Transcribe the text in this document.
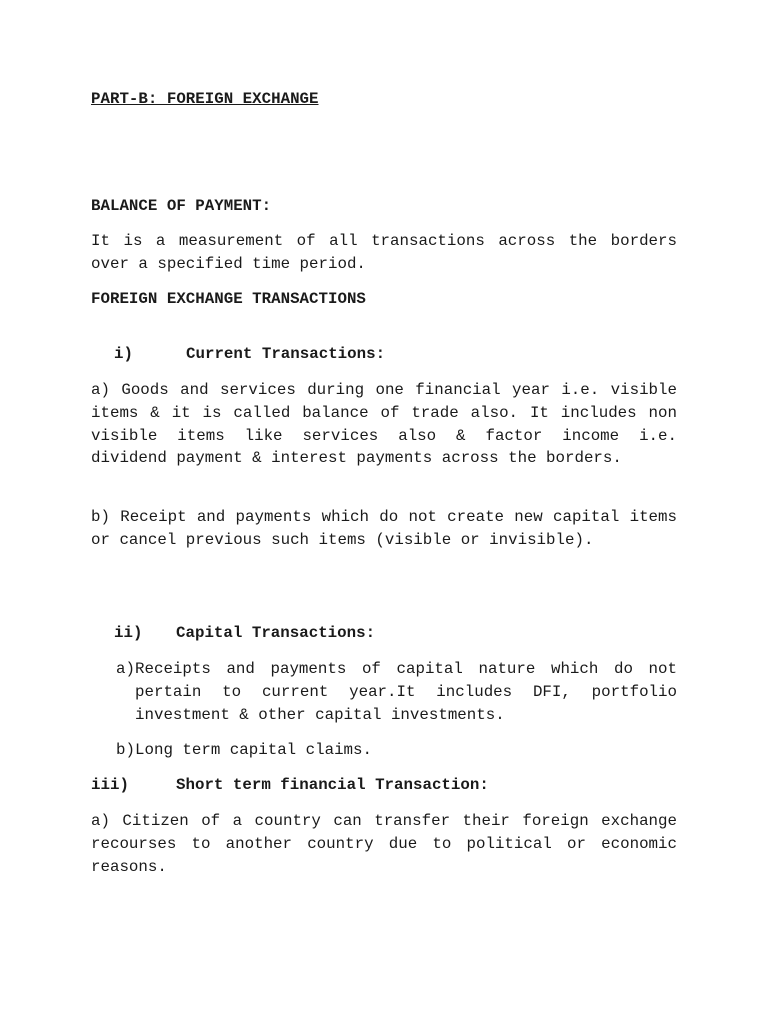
PART-B: FOREIGN EXCHANGE

BALANCE OF PAYMENT:

It is a measurement of all transactions across the borders over a specified time period.

FOREIGN EXCHANGE TRANSACTIONS

i)	Current Transactions:

a) Goods and services during one financial year i.e. visible items & it is called balance of trade also. It includes non visible items like services also & factor income i.e. dividend payment & interest payments across the borders.

b) Receipt and payments which do not create new capital items or cancel previous such items (visible or invisible).

ii) Capital Transactions:

a) Receipts and payments of capital nature which do not pertain to current year.It includes DFI, portfolio investment & other capital investments.
b) Long term capital claims.

iii)	Short term financial Transaction:

a) Citizen of a country can transfer their foreign exchange recourses to another country due to political or economic reasons.
